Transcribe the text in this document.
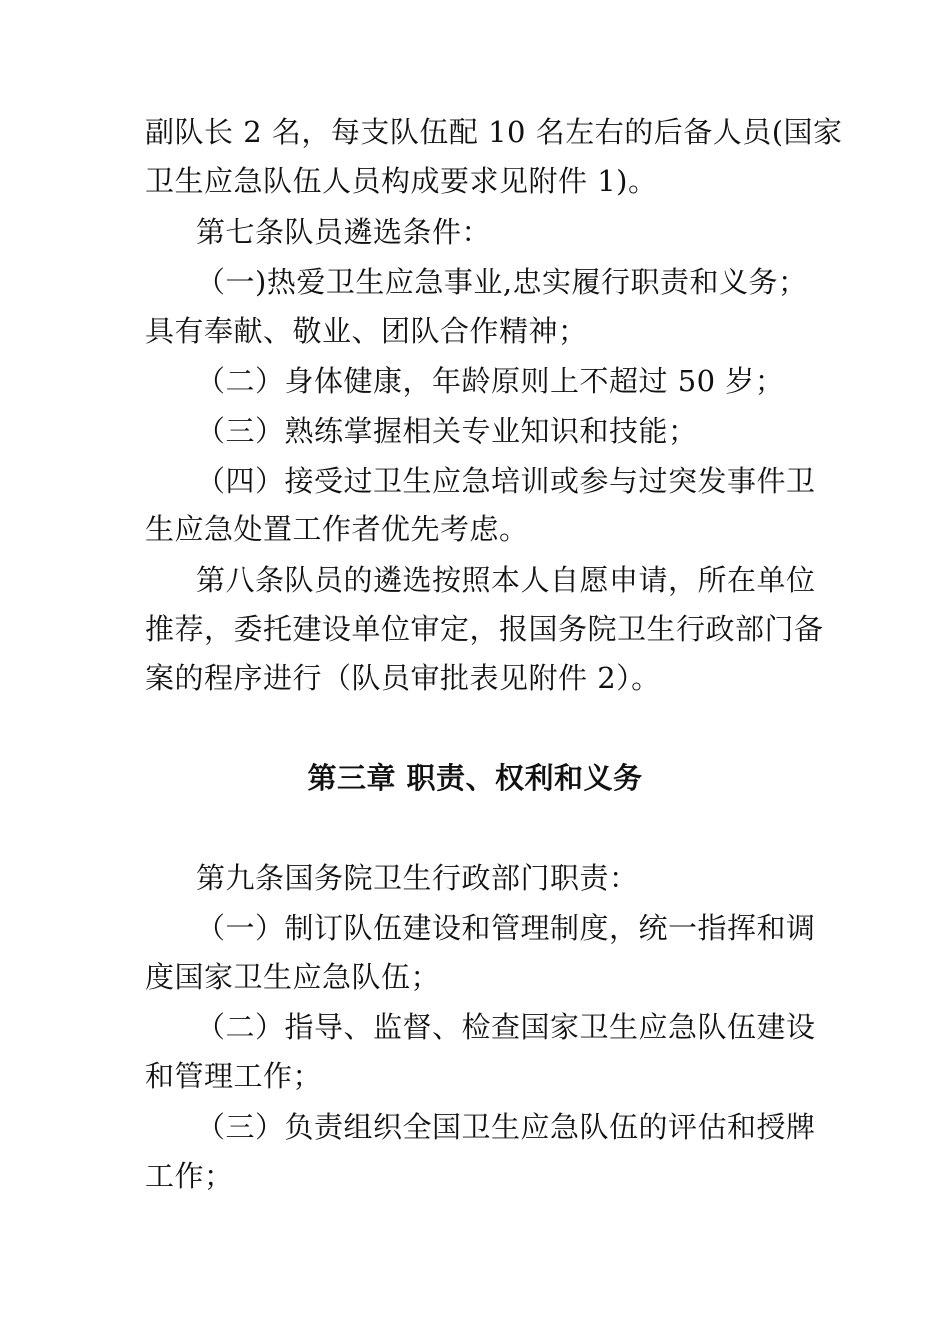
副队长 2 名，每支队伍配 10 名左右的后备人员(国家
卫生应急队伍人员构成要求见附件 1)。
第七条队员遴选条件：
（一)热爱卫生应急事业,忠实履行职责和义务；
具有奉献、敬业、团队合作精神；
（二）身体健康，年龄原则上不超过 50 岁；
（三）熟练掌握相关专业知识和技能；
（四）接受过卫生应急培训或参与过突发事件卫
生应急处置工作者优先考虑。
第八条队员的遴选按照本人自愿申请，所在单位
推荐，委托建设单位审定，报国务院卫生行政部门备
案的程序进行（队员审批表见附件 2）。
第三章 职责、权利和义务
第九条国务院卫生行政部门职责：
（一）制订队伍建设和管理制度，统一指挥和调
度国家卫生应急队伍；
（二）指导、监督、检查国家卫生应急队伍建设
和管理工作；
（三）负责组织全国卫生应急队伍的评估和授牌
工作；
